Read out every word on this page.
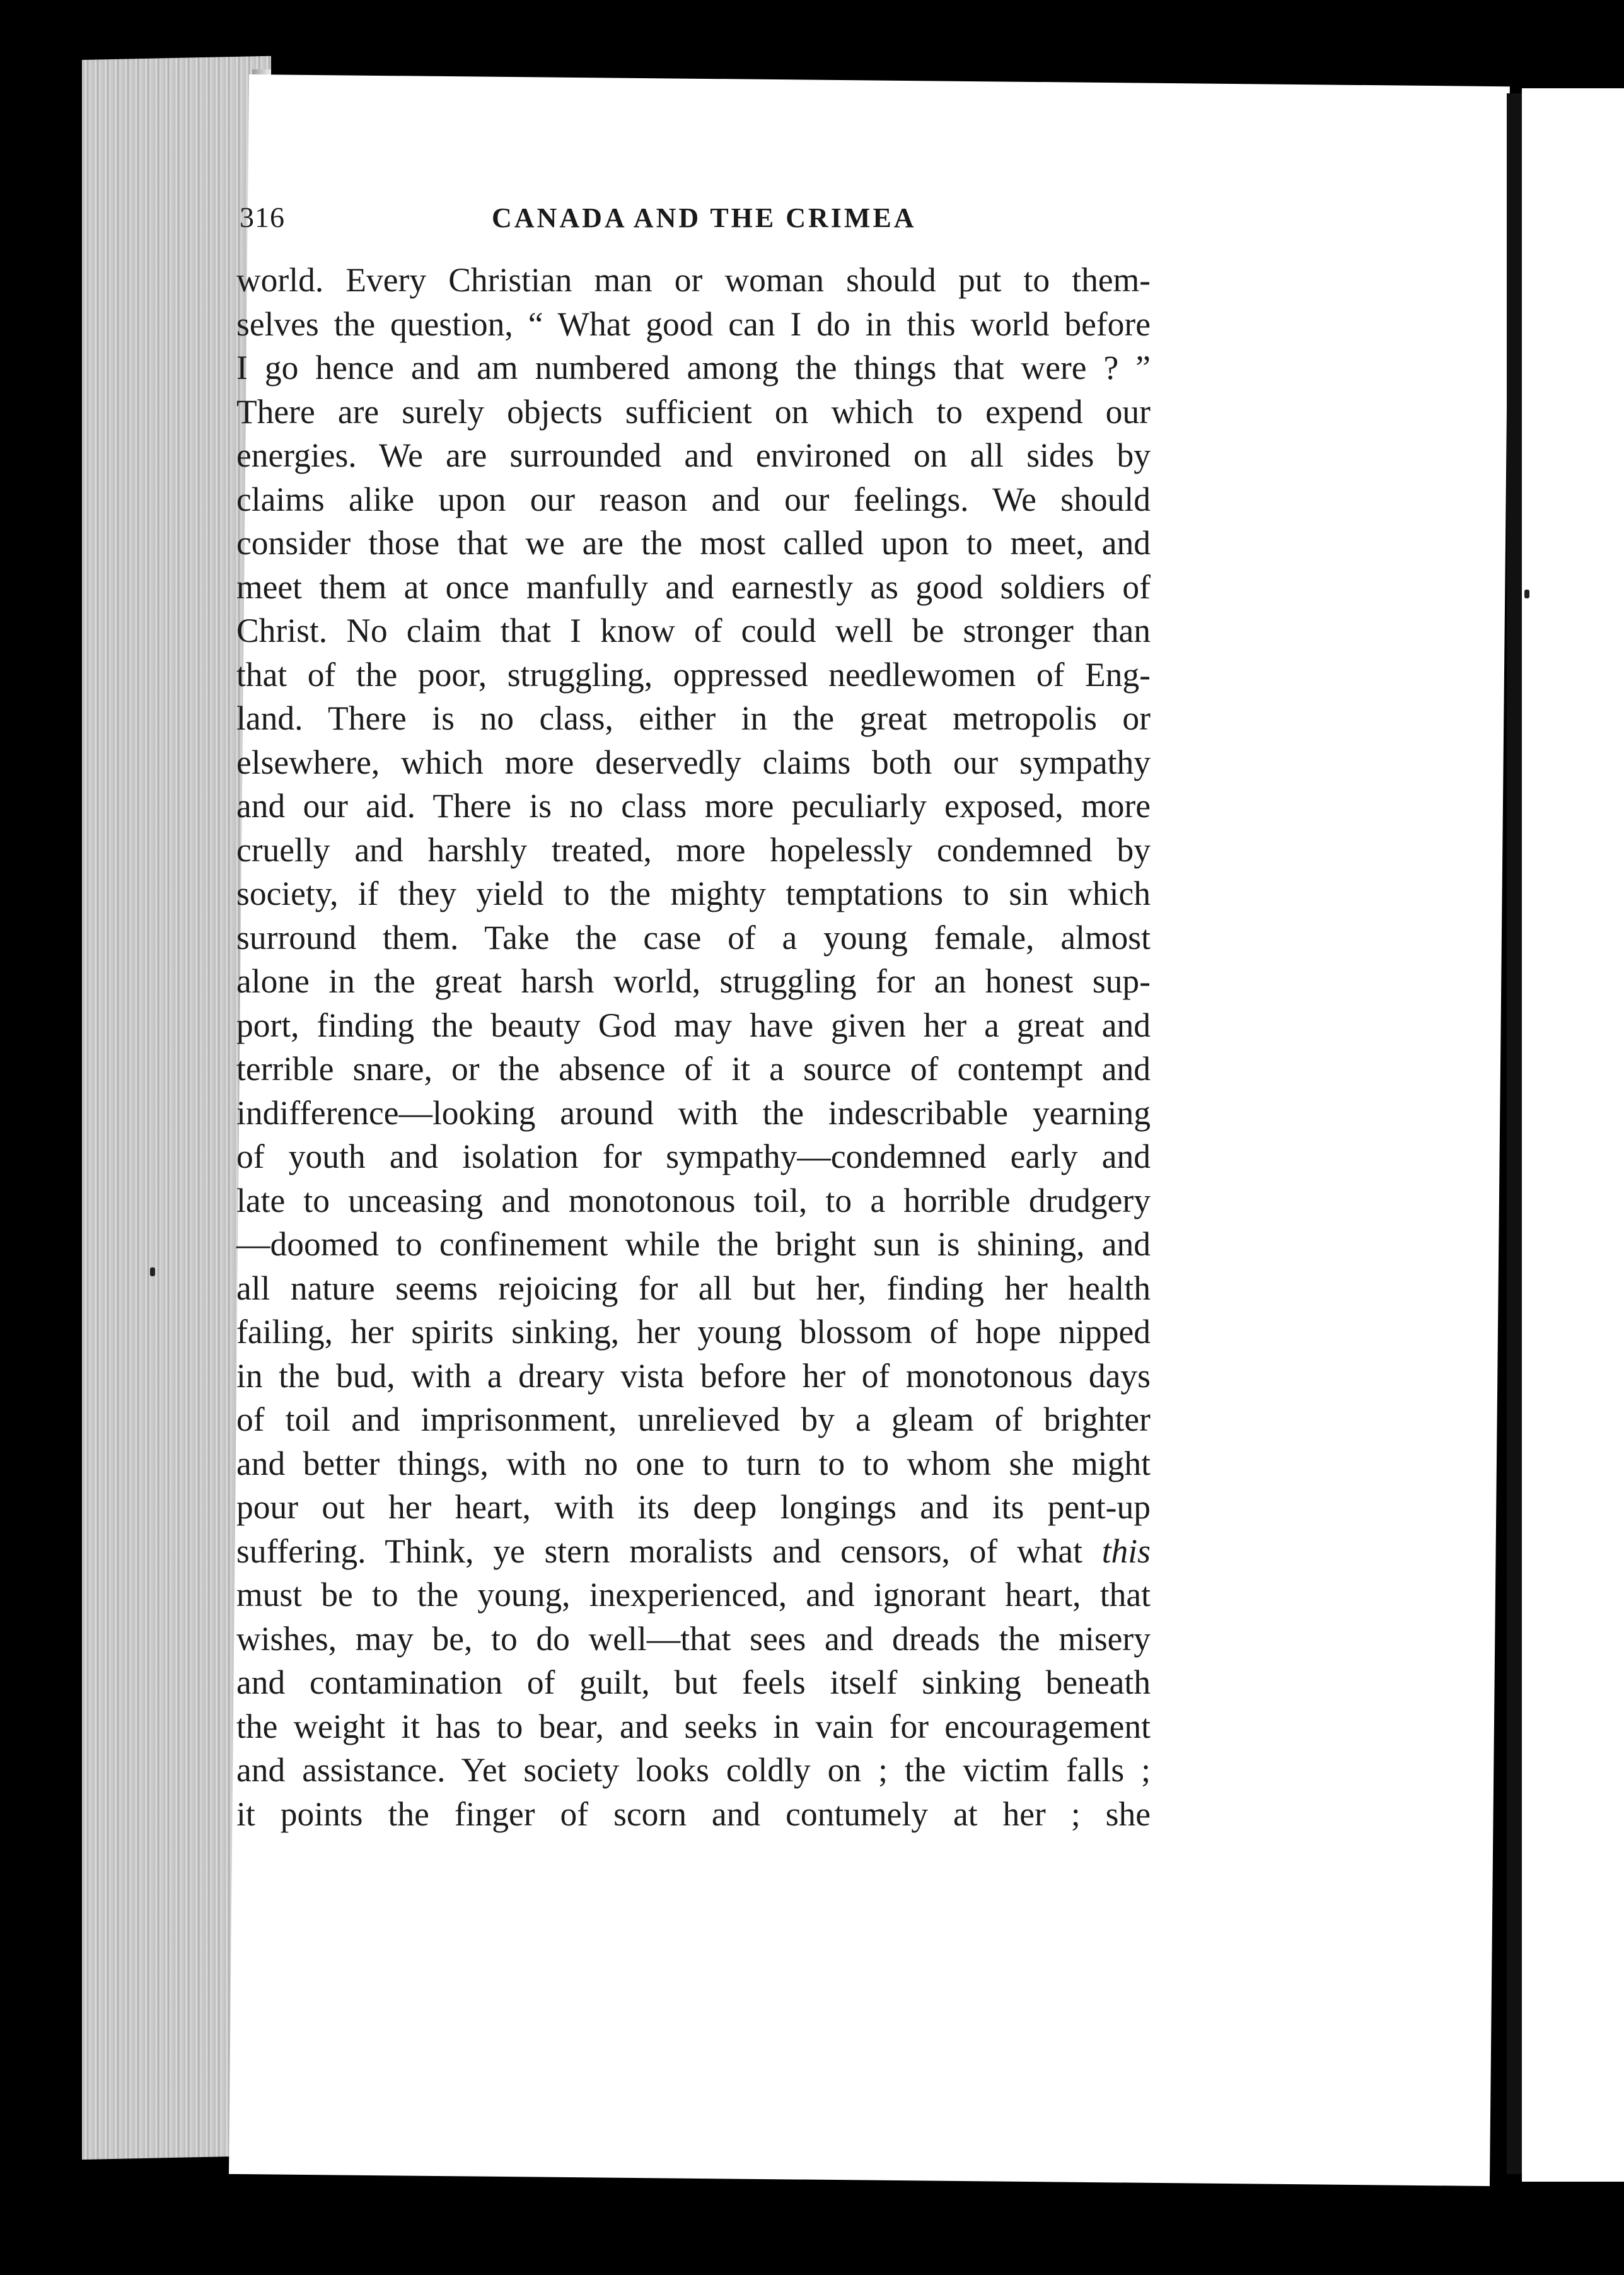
316	CANADA AND THE CRIMEA
world. Every Christian man or woman should put to them-
selves the question, “ What good can I do in this world before
I go hence and am numbered among the things that were ? ”
There are surely objects sufficient on which to expend our
energies. We are surrounded and environed on all sides by
claims alike upon our reason and our feelings. We should
consider those that we are the most called upon to meet, and
meet them at once manfully and earnestly as good soldiers of
Christ. No claim that I know of could well be stronger than
that of the poor, struggling, oppressed needlewomen of Eng-
land. There is no class, either in the great metropolis or
elsewhere, which more deservedly claims both our sympathy
and our aid. There is no class more peculiarly exposed, more
cruelly and harshly treated, more hopelessly condemned by
society, if they yield to the mighty temptations to sin which
surround them. Take the case of a young female, almost
alone in the great harsh world, struggling for an honest sup-
port, finding the beauty God may have given her a great and
terrible snare, or the absence of it a source of contempt and
indifference—looking around with the indescribable yearning
of youth and isolation for sympathy—condemned early and
late to unceasing and monotonous toil, to a horrible drudgery
—doomed to confinement while the bright sun is shining, and
all nature seems rejoicing for all but her, finding her health
failing, her spirits sinking, her young blossom of hope nipped
in the bud, with a dreary vista before her of monotonous days
of toil and imprisonment, unrelieved by a gleam of brighter
and better things, with no one to turn to to whom she might
pour out her heart, with its deep longings and its pent-up
suffering. Think, ye stern moralists and censors, of what this
must be to the young, inexperienced, and ignorant heart, that
wishes, may be, to do well—that sees and dreads the misery
and contamination of guilt, but feels itself sinking beneath
the weight it has to bear, and seeks in vain for encouragement
and assistance. Yet society looks coldly on ; the victim falls ;
it points the finger of scorn and contumely at her ; she
